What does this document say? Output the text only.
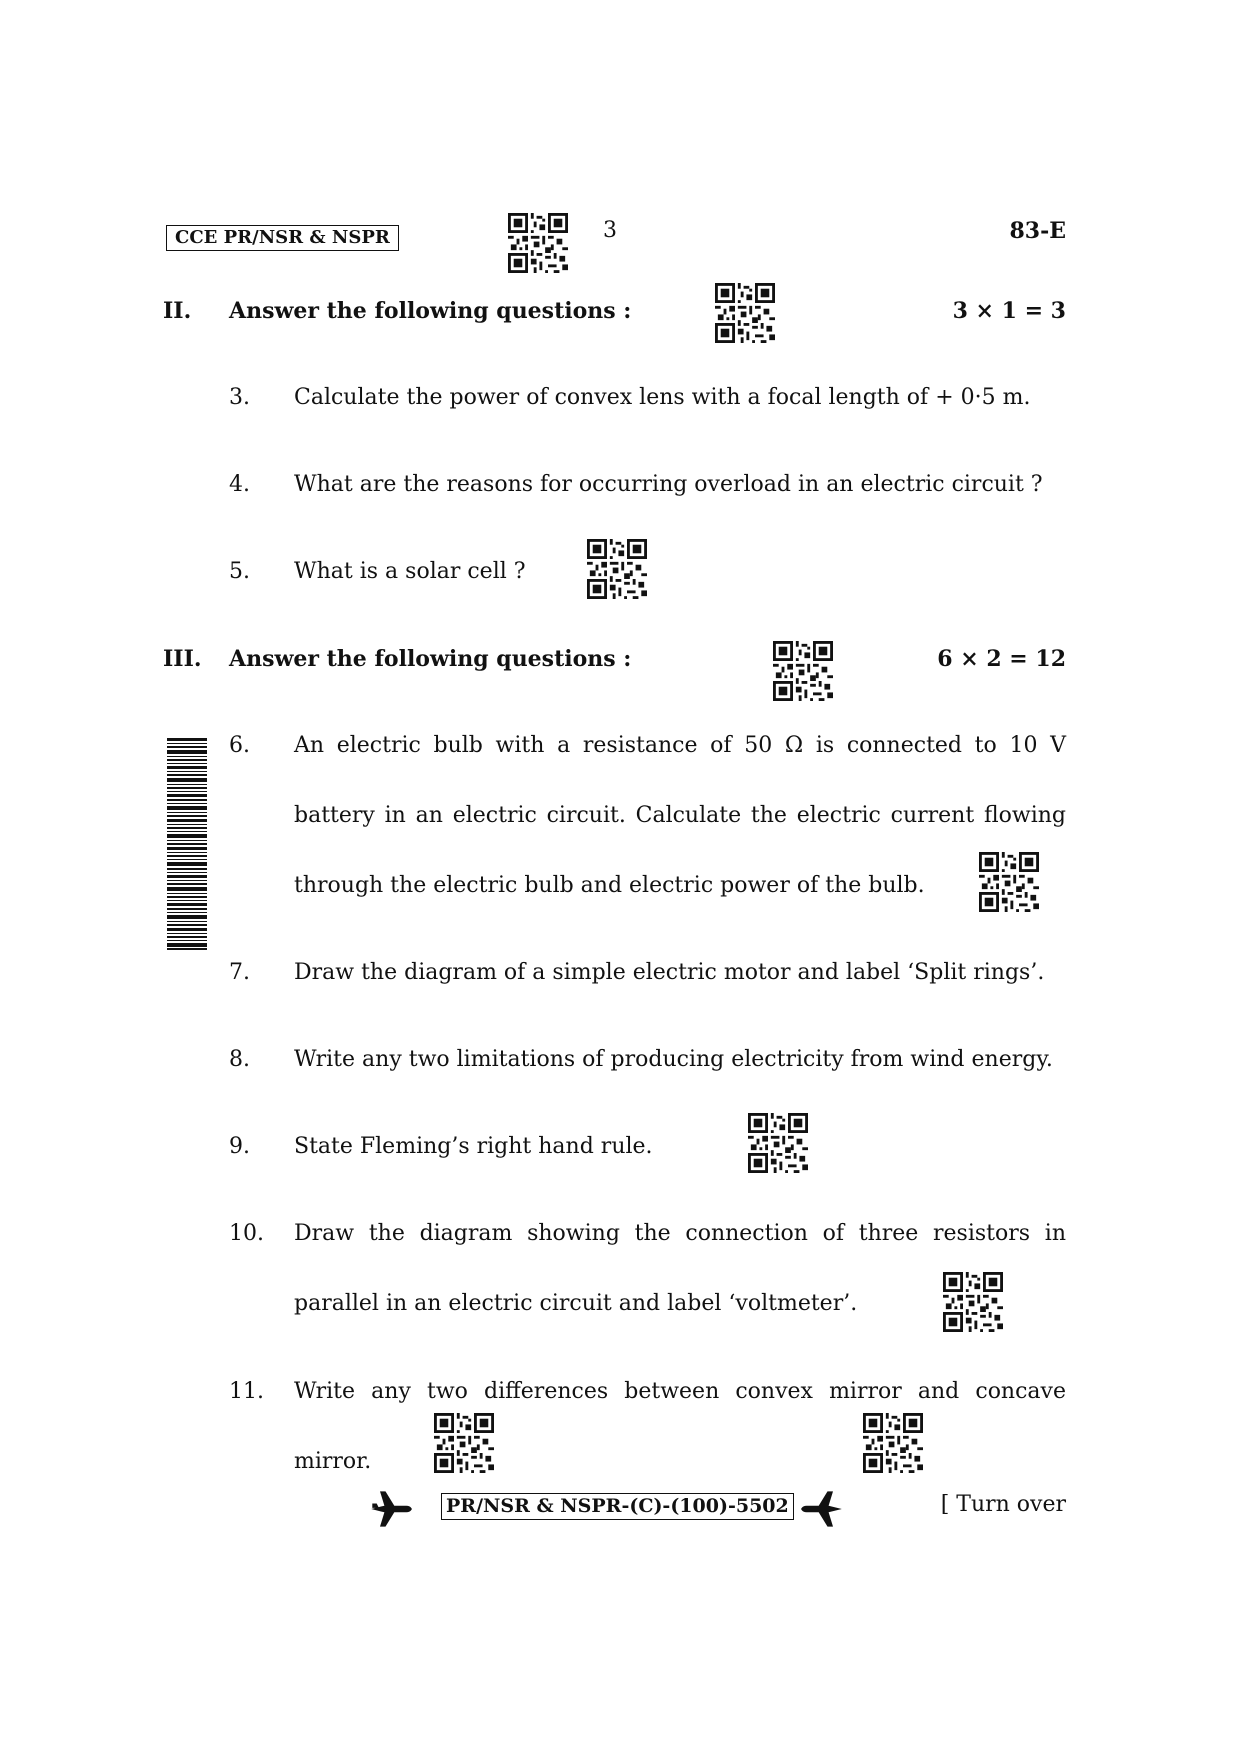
CCE PR/NSR & NSPR	3	83-E
II. Answer the following questions :	3 × 1 = 3
3. Calculate the power of convex lens with a focal length of + 0·5 m.
4. What are the reasons for occurring overload in an electric circuit ?
5. What is a solar cell ?
III. Answer the following questions :	6 × 2 = 12
6. An electric bulb with a resistance of 50 Ω is connected to 10 V
battery in an electric circuit. Calculate the electric current flowing
through the electric bulb and electric power of the bulb.
7. Draw the diagram of a simple electric motor and label ‘Split rings’.
8. Write any two limitations of producing electricity from wind energy.
9. State Fleming’s right hand rule.
10. Draw the diagram showing the connection of three resistors in
parallel in an electric circuit and label ‘voltmeter’.
11. Write any two differences between convex mirror and concave
mirror.
PR/NSR & NSPR-(C)-(100)-5502	[ Turn over
